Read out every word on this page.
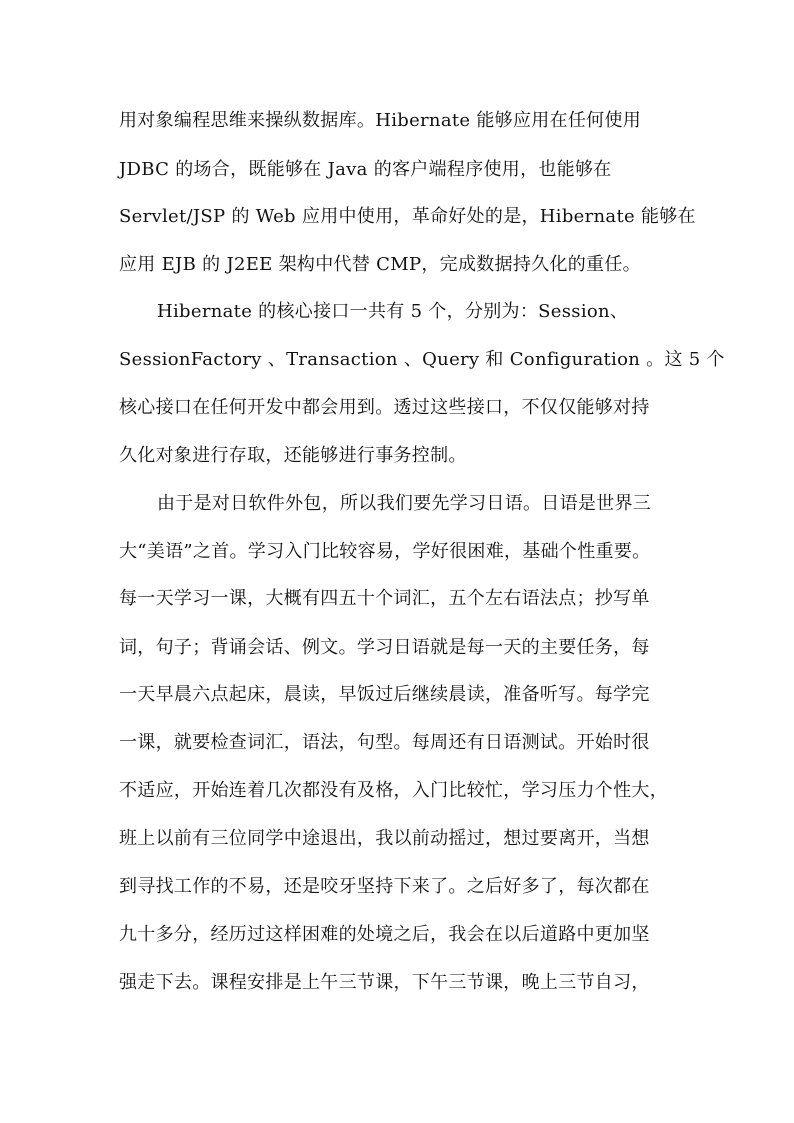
用对象编程思维来操纵数据库。Hibernate 能够应用在任何使用
JDBC 的场合，既能够在 Java 的客户端程序使用，也能够在
Servlet/JSP 的 Web 应用中使用，革命好处的是，Hibernate 能够在
应用 EJB 的 J2EE 架构中代替 CMP，完成数据持久化的重任。
Hibernate 的核心接口一共有 5 个，分别为：Session、
SessionFactory 、Transaction 、Query 和 Configuration 。这 5 个
核心接口在任何开发中都会用到。透过这些接口，不仅仅能够对持
久化对象进行存取，还能够进行事务控制。
由于是对日软件外包，所以我们要先学习日语。日语是世界三
大“美语”之首。学习入门比较容易，学好很困难，基础个性重要。
每一天学习一课，大概有四五十个词汇，五个左右语法点；抄写单
词，句子；背诵会话、例文。学习日语就是每一天的主要任务，每
一天早晨六点起床，晨读，早饭过后继续晨读，准备听写。每学完
一课，就要检查词汇，语法，句型。每周还有日语测试。开始时很
不适应，开始连着几次都没有及格，入门比较忙，学习压力个性大，
班上以前有三位同学中途退出，我以前动摇过，想过要离开，当想
到寻找工作的不易，还是咬牙坚持下来了。之后好多了，每次都在
九十多分，经历过这样困难的处境之后，我会在以后道路中更加坚
强走下去。课程安排是上午三节课，下午三节课，晚上三节自习，
